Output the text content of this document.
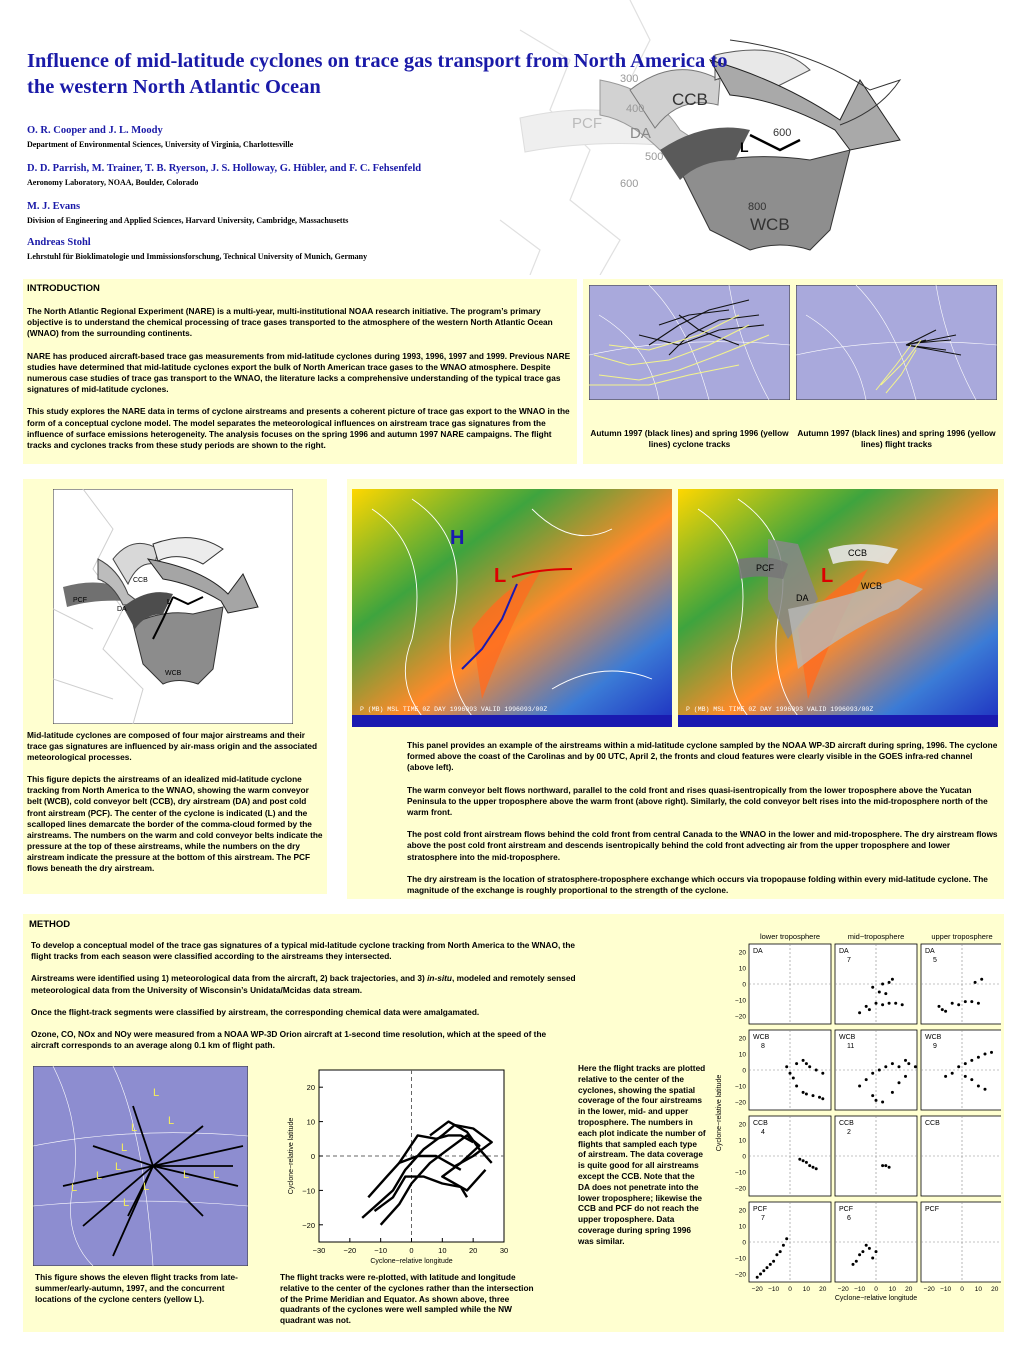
CCB
PCF
DA
L
WCB
300
400
500
600
600
800
Influence of mid-latitude cyclones on trace gas transport from North America to the western North Atlantic Ocean
O. R. Cooper and J. L. Moody
Department of Environmental Sciences, University of Virginia, Charlottesville
D. D. Parrish, M. Trainer, T. B. Ryerson, J. S. Holloway, G. Hübler, and F. C. Fehsenfeld
Aeronomy Laboratory, NOAA, Boulder, Colorado
M. J. Evans
Division of Engineering and Applied Sciences, Harvard University, Cambridge, Massachusetts
Andreas Stohl
Lehrstuhl für Bioklimatologie und Immissionsforschung, Technical University of Munich, Germany
INTRODUCTION

The North Atlantic Regional Experiment (NARE) is a multi-year, multi-institutional NOAA research initiative. The program’s primary objective is to understand the chemical processing of trace gases transported to the atmosphere of the western North Atlantic Ocean (WNAO) from the surrounding continents.

NARE has produced aircraft-based trace gas measurements from mid-latitude cyclones during 1993, 1996, 1997 and 1999. Previous NARE studies have determined that mid-latitude cyclones export the bulk of North American trace gases to the WNAO atmosphere. Despite numerous case studies of trace gas transport to the WNAO, the literature lacks a comprehensive understanding of the typical trace gas signatures of mid-latitude cyclones.

This study explores the NARE data in terms of cyclone airstreams and presents a coherent picture of trace gas export to the WNAO in the form of a conceptual cyclone model. The model separates the meteorological influences on airstream trace gas signatures from the influence of surface emissions heterogeneity. The analysis focuses on the spring 1996 and autumn 1997 NARE campaigns. The flight tracks and cyclones tracks from these study periods are shown to the right.

Autumn 1997 (black lines) and spring 1996 (yellow lines) cyclone tracks
Autumn 1997 (black lines) and spring 1996 (yellow lines) flight tracks
CCB
PCF
DA
L
WCB

Mid-latitude cyclones are composed of four major airstreams and their trace gas signatures are influenced by air-mass origin and the associated meteorological processes.

This figure depicts the airstreams of an idealized mid-latitude cyclone tracking from North America to the WNAO, showing the warm conveyor belt (WCB), cold conveyor belt (CCB), dry airstream (DA) and post cold front airstream (PCF). The center of the cyclone is indicated (L) and the scalloped lines demarcate the border of the comma-cloud formed by the airstreams. The numbers on the warm and cold conveyor belts indicate the pressure at the top of these airstreams, while the numbers on the dry airstream indicate the pressure at the bottom of this airstream. The PCF flows beneath the dry airstream.

H
L
P (MB) MSL TIME 0Z DAY 1996093 VALID 1996093/00Z
CCB
PCF
DA
WCB
L
P (MB) MSL TIME 0Z DAY 1996093 VALID 1996093/00Z

This panel provides an example of the airstreams within a mid-latitude cyclone sampled by the NOAA WP-3D aircraft during spring, 1996. The cyclone formed above the coast of the Carolinas and by 00 UTC, April 2, the fronts and cloud features were clearly visible in the GOES infra-red channel (above left).

The warm conveyor belt flows northward, parallel to the cold front and rises quasi-isentropically from the lower troposphere above the Yucatan Peninsula to the upper troposphere above the warm front (above right). Similarly, the cold conveyor belt rises into the mid-troposphere north of the warm front.

The post cold front airstream flows behind the cold front from central Canada to the WNAO in the lower and mid-troposphere. The dry airstream flows above the post cold front airstream and descends isentropically behind the cold front advecting air from the upper troposphere and lower stratosphere into the mid-troposphere.

The dry airstream is the location of stratosphere-troposphere exchange which occurs via tropopause folding within every mid-latitude cyclone. The magnitude of the exchange is roughly proportional to the strength of the cyclone.

METHOD

To develop a conceptual model of the trace gas signatures of a typical mid-latitude cyclone tracking from North America to the WNAO, the flight tracks from each season were classified according to the airstreams they intersected.

Airstreams were identified using 1) meteorological data from the aircraft, 2) back trajectories, and 3) in-situ, modeled and remotely sensed meteorological data from the University of Wisconsin’s Unidata/Mcidas data stream.

Once the flight-track segments were classified by airstream, the corresponding chemical data were amalgamated.

Ozone, CO, NOx and NOy were measured from a NOAA WP-3D Orion aircraft at 1-second time resolution, which at the speed of the aircraft corresponds to an average along 0.1 km of flight path.

L
L
L
L
L
L
L
L
L L
L
This figure shows the eleven flight tracks from late-summer/early-autumn, 1997, and the concurrent locations of the cyclone centers (yellow L).
−30 −20 −10	0	10	20	30
−20
−10
0
10
20
Cyclone−relative longitude
Cyclone−relative latitude
The flight tracks were re-plotted, with latitude and longitude relative to the center of the cyclones rather than the intersection of the Prime Meridian and Equator. As shown above, three quadrants of the cyclones were well sampled while the NW quadrant was not.
Here the flight tracks are plotted relative to the center of the cyclones, showing the spatial coverage of the four airstreams in the lower, mid- and upper troposphere. The numbers in each plot indicate the number of flights that sampled each type of airstream. The data coverage is quite good for all airstreams except the CCB. Note that the DA does not penetrate into the lower troposphere; likewise the CCB and PCF do not reach the upper troposphere. Data coverage during spring 1996 was similar.
lower troposphere	mid−troposphere	upper troposphere
DA
−20
−10
0
10
20	DA
7
DA
5
WCB
8
−20
−10
0
10
20	WCB
11
WCB
9
CCB
4
−20
−10
0
10
20	CCB
2
CCB
PCF
7
−20
−10
0
10
20
−20 −10 0 10 20
PCF
6
−20 −10 0 10 20
PCF
−20 −10 0 10 20
Cyclone−relative longitude
Cyclone−relative latitude
